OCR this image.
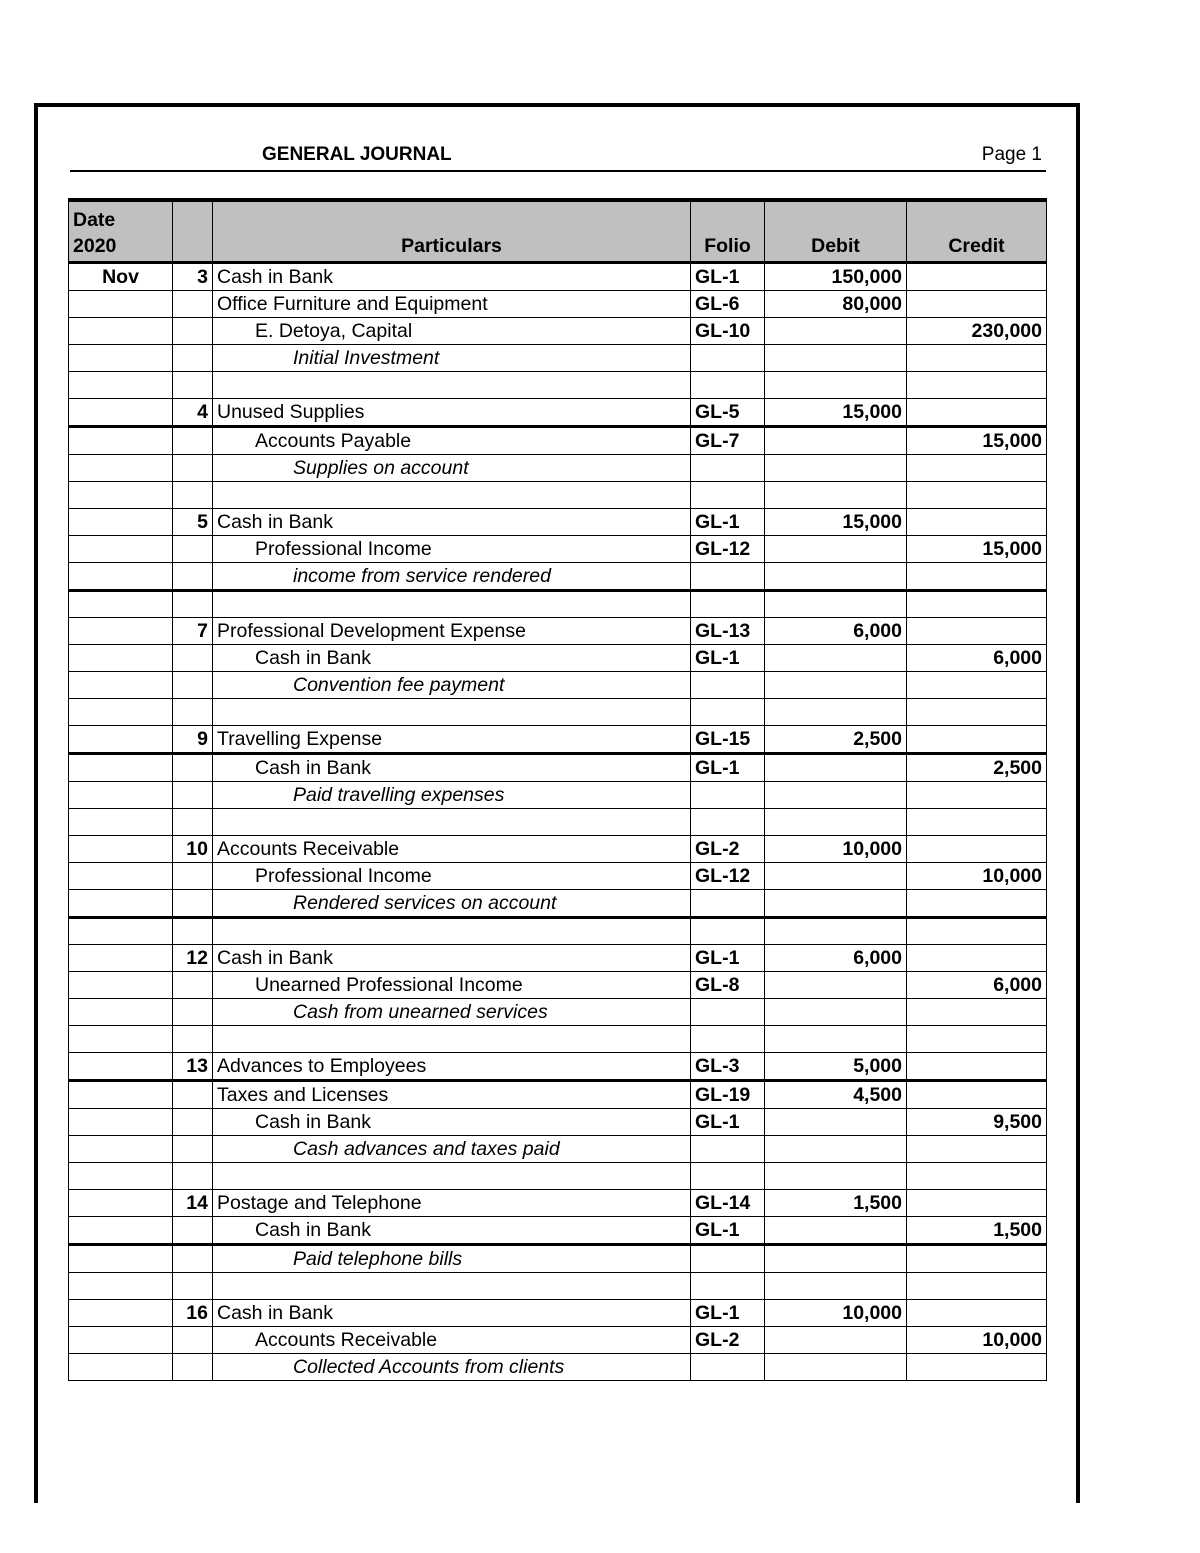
GENERAL JOURNAL	Page 1
Date
2020		Particulars	Folio	Debit	Credit
Nov	3	Cash in Bank	GL-1	150,000	
		Office Furniture and Equipment	GL-6	80,000	
		E. Detoya, Capital	GL-10		230,000
		Initial Investment			

	4	Unused Supplies	GL-5	15,000	
		Accounts Payable	GL-7		15,000
		Supplies on account			

	5	Cash in Bank	GL-1	15,000	
		Professional Income	GL-12		15,000
		income from service rendered			

	7	Professional Development Expense	GL-13	6,000	
		Cash in Bank	GL-1		6,000
		Convention fee payment			

	9	Travelling Expense	GL-15	2,500	
		Cash in Bank	GL-1		2,500
		Paid travelling expenses			

	10	Accounts Receivable	GL-2	10,000	
		Professional Income	GL-12		10,000
		Rendered services on account			

	12	Cash in Bank	GL-1	6,000	
		Unearned Professional Income	GL-8		6,000
		Cash from unearned services			

	13	Advances to Employees	GL-3	5,000	
		Taxes and Licenses	GL-19	4,500	
		Cash in Bank	GL-1		9,500
		Cash advances and taxes paid			

	14	Postage and Telephone	GL-14	1,500	
		Cash in Bank	GL-1		1,500
		Paid telephone bills			

	16	Cash in Bank	GL-1	10,000	
		Accounts Receivable	GL-2		10,000
		Collected Accounts from clients			
